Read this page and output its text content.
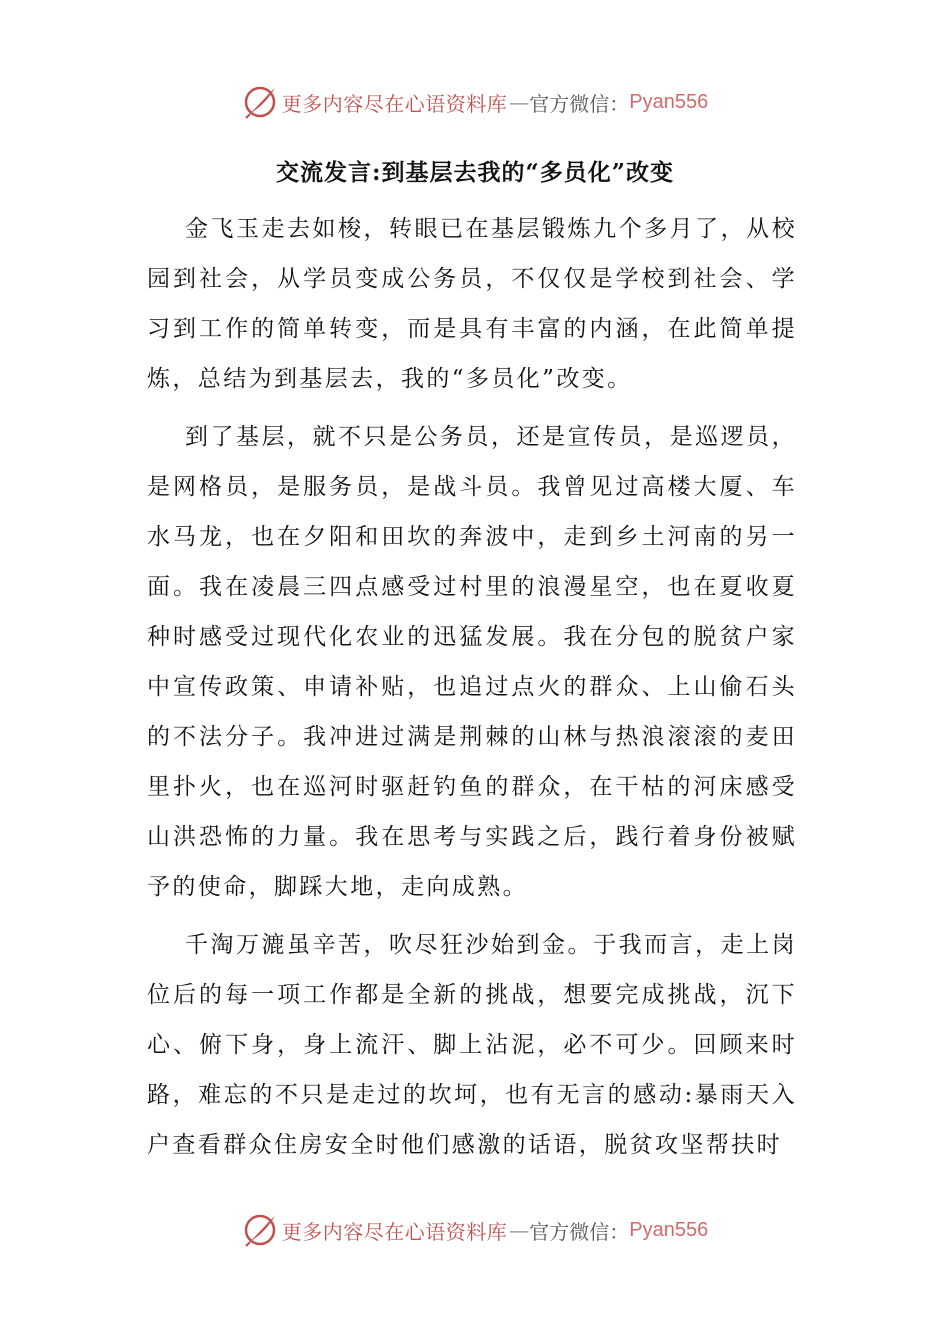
更多内容尽在心语资料库 — 官方微信： Pyan556
交流发言:到基层去我的“多员化”改变

金飞玉走去如梭，转眼已在基层锻炼九个多月了，从校园到社会，从学员变成公务员，不仅仅是学校到社会、学习到工作的简单转变，而是具有丰富的内涵，在此简单提炼，总结为到基层去，我的“多员化”改变。

到了基层，就不只是公务员，还是宣传员，是巡逻员，是网格员，是服务员，是战斗员。我曾见过高楼大厦、车水马龙，也在夕阳和田坎的奔波中，走到乡土河南的另一面。我在凌晨三四点感受过村里的浪漫星空，也在夏收夏种时感受过现代化农业的迅猛发展。我在分包的脱贫户家中宣传政策、申请补贴，也追过点火的群众、上山偷石头的不法分子。我冲进过满是荆棘的山林与热浪滚滚的麦田里扑火，也在巡河时驱赶钓鱼的群众，在干枯的河床感受山洪恐怖的力量。我在思考与实践之后，践行着身份被赋予的使命，脚踩大地，走向成熟。

千淘万漉虽辛苦，吹尽狂沙始到金。于我而言，走上岗位后的每一项工作都是全新的挑战，想要完成挑战，沉下心、俯下身，身上流汗、脚上沾泥，必不可少。回顾来时路，难忘的不只是走过的坎坷，也有无言的感动:暴雨天入户查看群众住房安全时他们感激的话语，脱贫攻坚帮扶时

更多内容尽在心语资料库 — 官方微信： Pyan556
